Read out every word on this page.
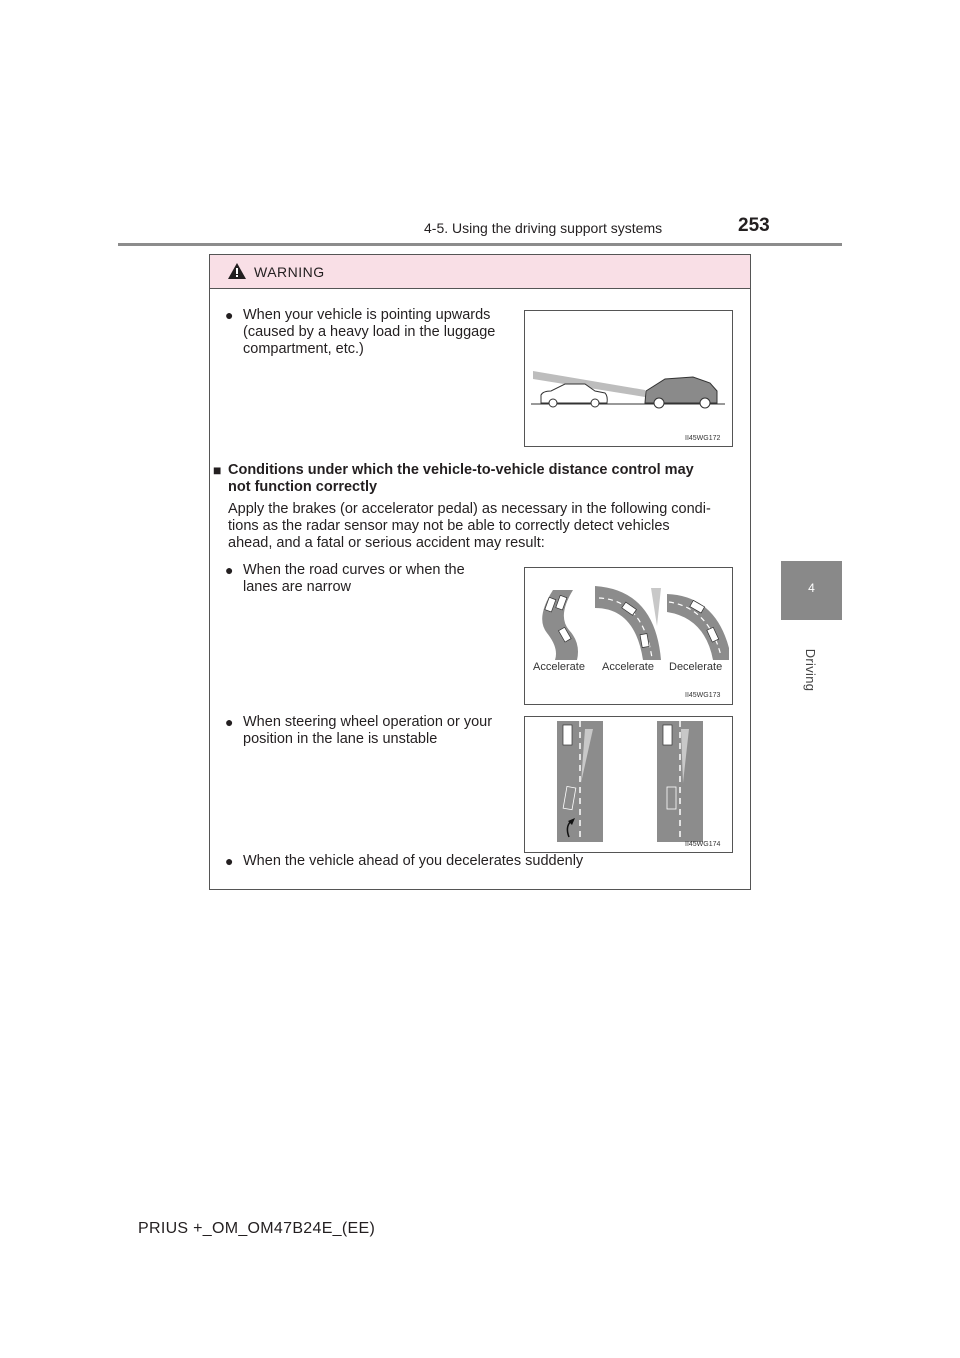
4-5. Using the driving support systems	253
4
Driving
WARNING
● When your vehicle is pointing upwards
(caused by a heavy load in the luggage
compartment, etc.)
II45WG172
■ Conditions under which the vehicle-to-vehicle distance control may
not function correctly
Apply the brakes (or accelerator pedal) as necessary in the following condi-
tions as the radar sensor may not be able to correctly detect vehicles
ahead, and a fatal or serious accident may result:
● When the road curves or when the
lanes are narrow
Accelerate Accelerate Decelerate
II45WG173
● When steering wheel operation or your
position in the lane is unstable
II45WG174
● When the vehicle ahead of you decelerates suddenly
PRIUS +_OM_OM47B24E_(EE)
